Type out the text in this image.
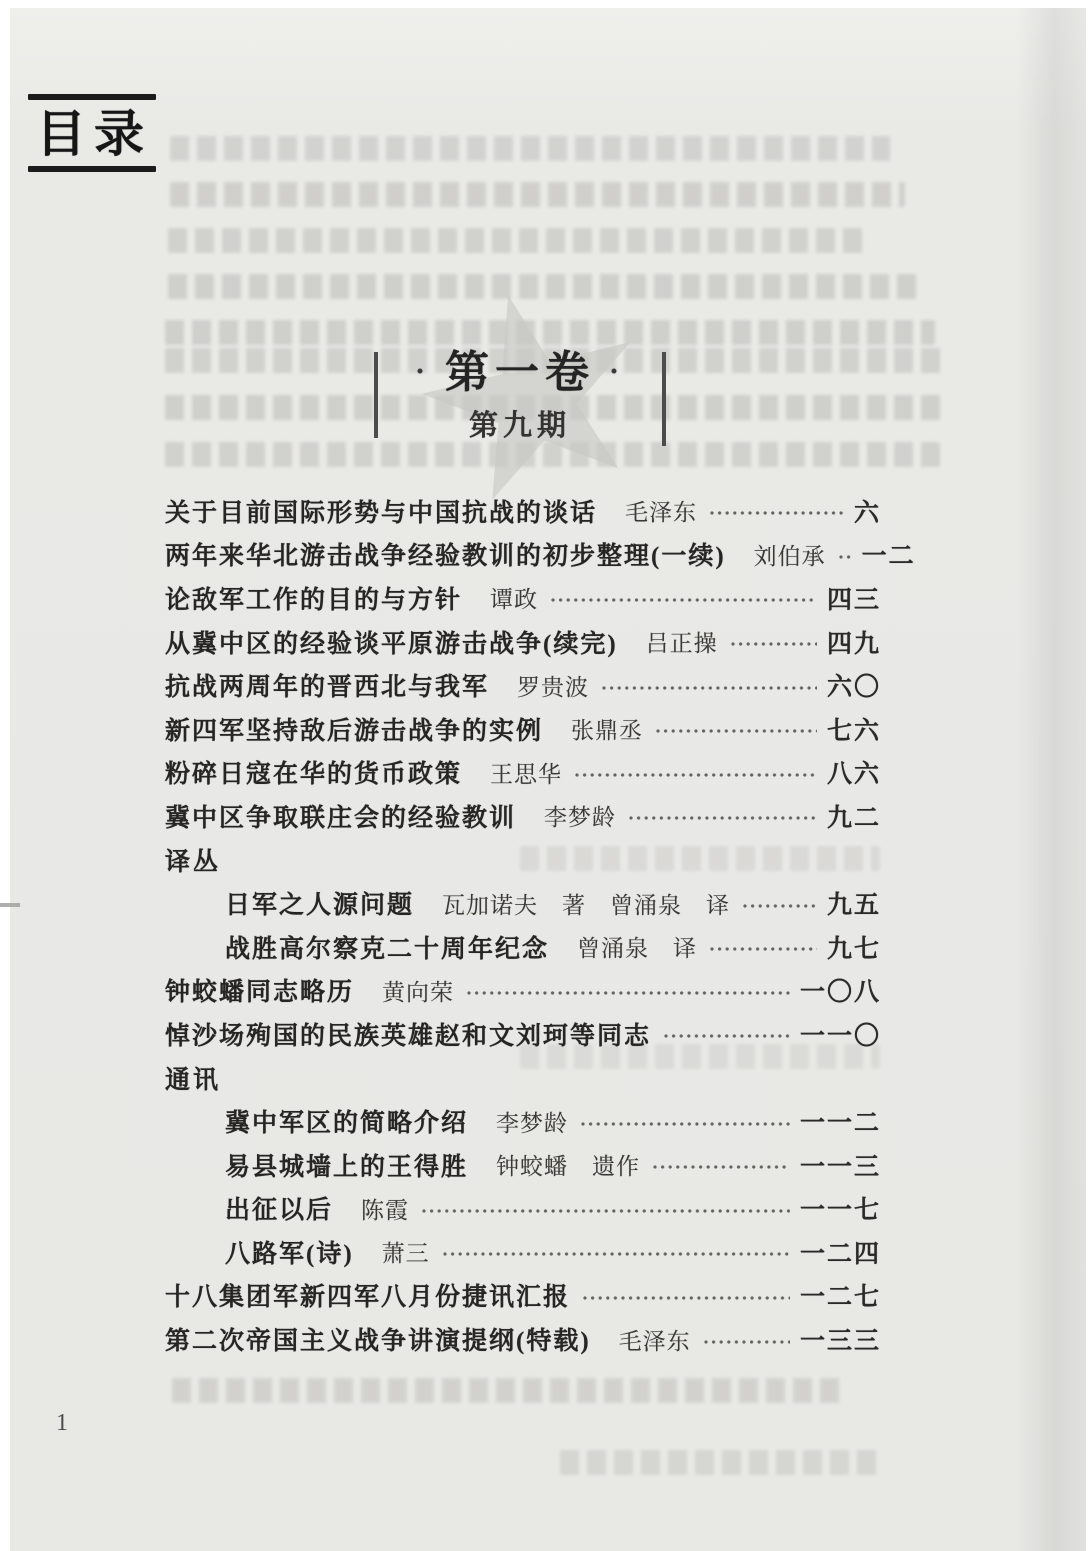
目录
· 第一卷 ·
第九期
关于目前国际形势与中国抗战的谈话 毛泽东	六
两年来华北游击战争经验教训的初步整理(一续) 刘伯承 一二
论敌军工作的目的与方针 谭政	四三
从冀中区的经验谈平原游击战争(续完) 吕正操	四九
抗战两周年的晋西北与我军 罗贵波	六〇
新四军坚持敌后游击战争的实例 张鼎丞	七六
粉碎日寇在华的货币政策 王思华	八六
冀中区争取联庄会的经验教训 李梦龄	九二
译丛
日军之人源问题 瓦加诺夫　著　曾涌泉　译	九五
战胜高尔察克二十周年纪念 曾涌泉　译	九七
钟蛟蟠同志略历 黄向荣	一〇八
悼沙场殉国的民族英雄赵和文刘珂等同志	一一〇
通讯
冀中军区的简略介绍 李梦龄	一一二
易县城墙上的王得胜 钟蛟蟠　遗作	一一三
出征以后 陈霞	一一七
八路军(诗) 萧三	一二四
十八集团军新四军八月份捷讯汇报	一二七
第二次帝国主义战争讲演提纲(特载) 毛泽东	一三三
1
